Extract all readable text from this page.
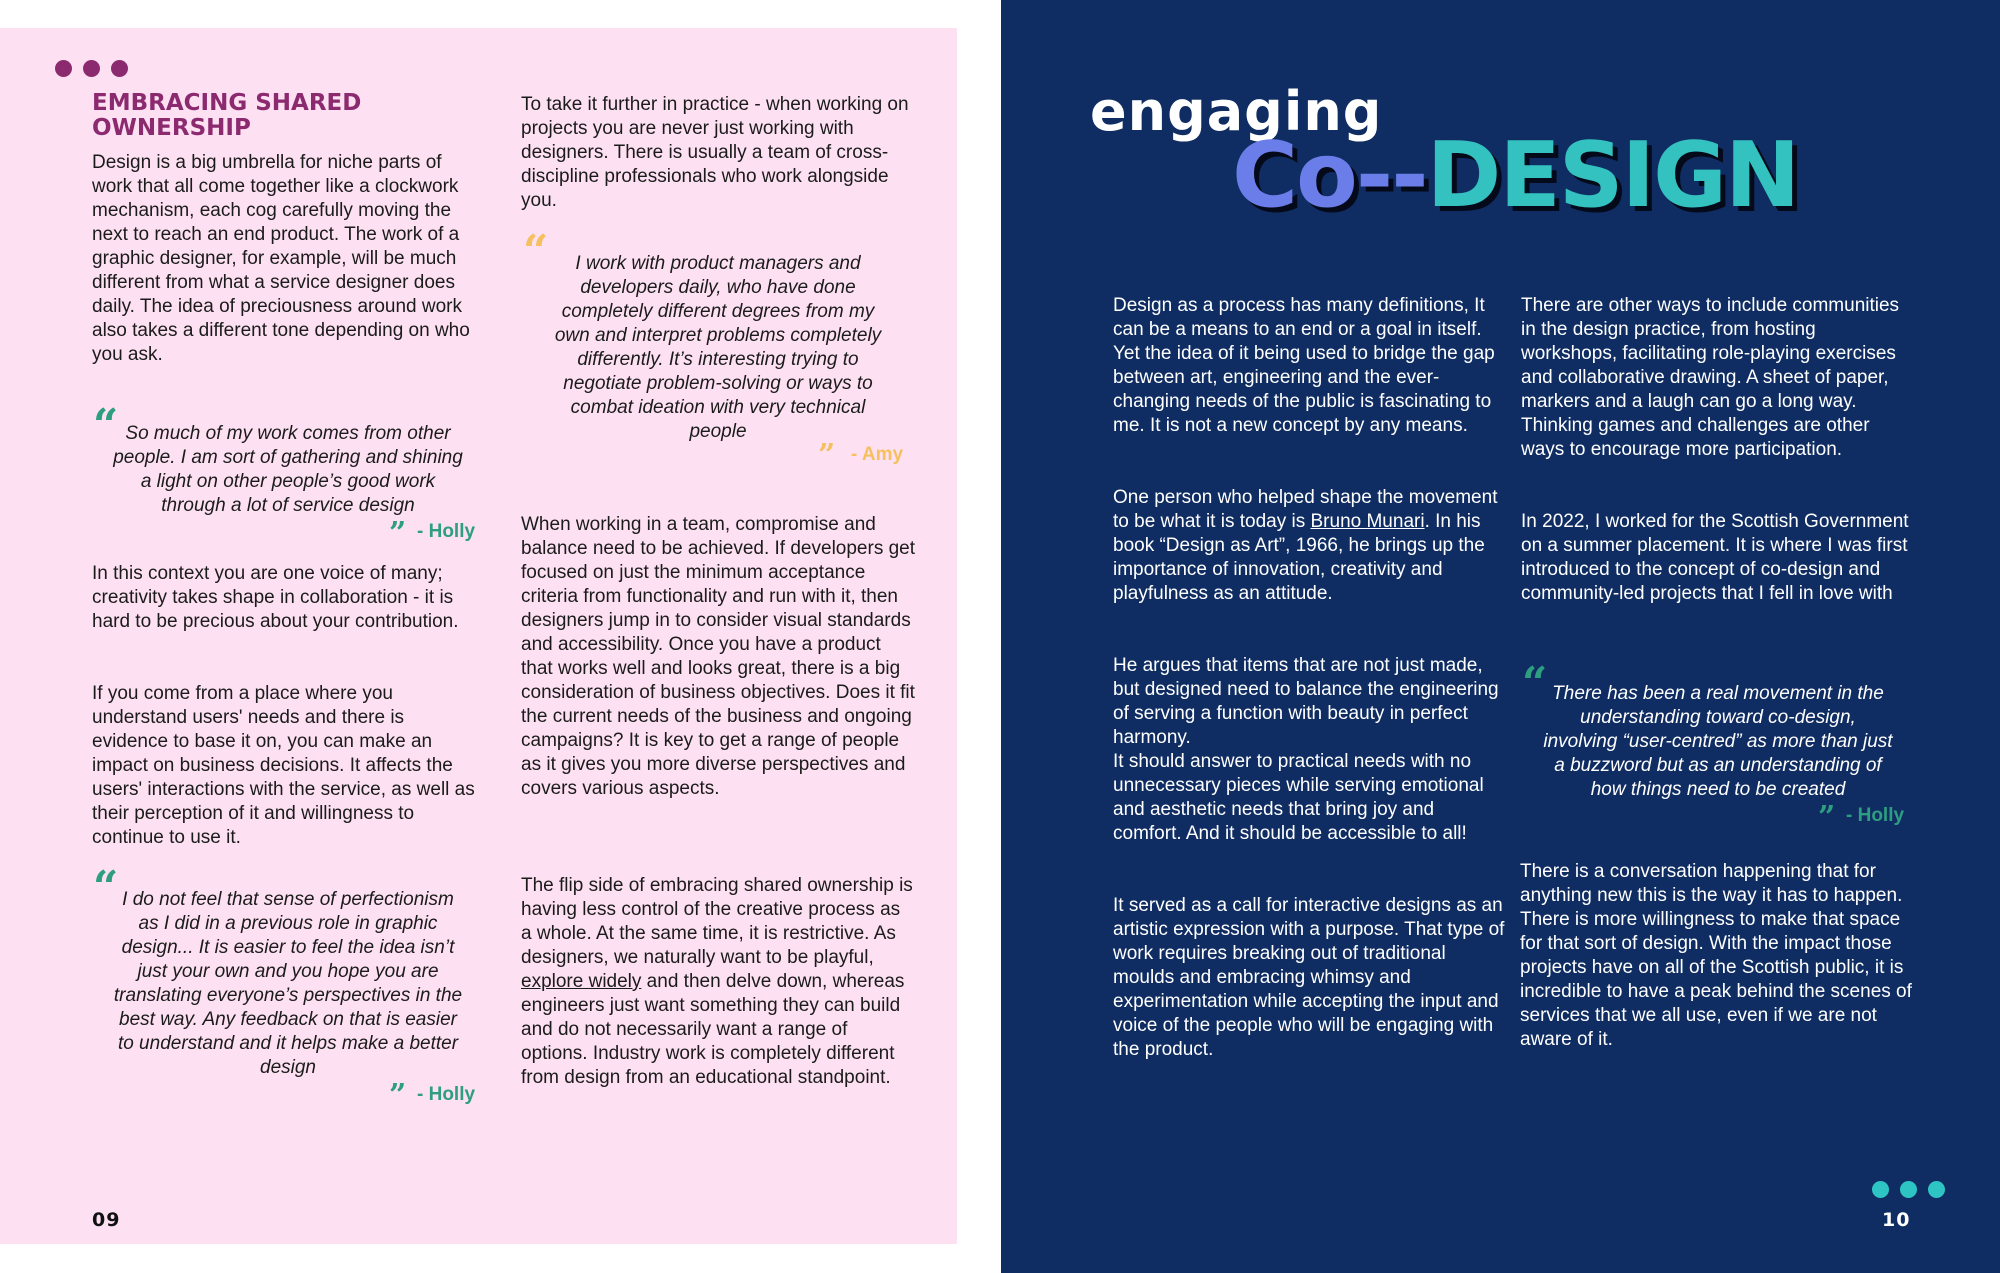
EMBRACING SHARED OWNERSHIP

Design is a big umbrella for niche parts of work that all come together like a clockwork mechanism, each cog carefully moving the next to reach an end product. The work of a graphic designer, for example, will be much different from what a service designer does daily. The idea of preciousness around work also takes a different tone depending on who you ask.

“ So much of my work comes from other people. I am sort of gathering and shining a light on other people’s good work through a lot of service design

” - Holly

In this context you are one voice of many; creativity takes shape in collaboration - it is hard to be precious about your contribution.

If you come from a place where you understand users' needs and there is evidence to base it on, you can make an impact on business decisions. It affects the users' interactions with the service, as well as their perception of it and willingness to continue to use it.

“ I do not feel that sense of perfectionism as I did in a previous role in graphic design... It is easier to feel the idea isn’t just your own and you hope you are translating everyone’s perspectives in the best way. Any feedback on that is easier to understand and it helps make a better design

” - Holly

To take it further in practice - when working on projects you are never just working with designers. There is usually a team of cross-discipline professionals who work alongside you.

“	I work with product managers and developers daily, who have done completely different degrees from my own and interpret problems completely differently. It’s interesting trying to negotiate problem-solving or ways to combat ideation with very technical people

” - Amy

When working in a team, compromise and balance need to be achieved. If developers get focused on just the minimum acceptance criteria from functionality and run with it, then designers jump in to consider visual standards and accessibility. Once you have a product that works well and looks great, there is a big consideration of business objectives. Does it fit the current needs of the business and ongoing campaigns? It is key to get a range of people as it gives you more diverse perspectives and covers various aspects.

The flip side of embracing shared ownership is having less control of the creative process as a whole. At the same time, it is restrictive. As designers, we naturally want to be playful, explore widely and then delve down, whereas engineers just want something they can build and do not necessarily want a range of options. Industry work is completely different from design from an educational standpoint.

09
engaging
Co--DESIGN

Design as a process has many definitions, It can be a means to an end or a goal in itself. Yet the idea of it being used to bridge the gap between art, engineering and the ever-changing needs of the public is fascinating to me. It is not a new concept by any means.

One person who helped shape the movement to be what it is today is Bruno Munari. In his book “Design as Art”, 1966, he brings up the importance of innovation, creativity and playfulness as an attitude.

He argues that items that are not just made, but designed need to balance the engineering of serving a function with beauty in perfect harmony.

It should answer to practical needs with no unnecessary pieces while serving emotional and aesthetic needs that bring joy and comfort. And it should be accessible to all!

It served as a call for interactive designs as an artistic expression with a purpose. That type of work requires breaking out of traditional moulds and embracing whimsy and experimentation while accepting the input and voice of the people who will be engaging with the product.

There are other ways to include communities in the design practice, from hosting workshops, facilitating role-playing exercises and collaborative drawing. A sheet of paper, markers and a laugh can go a long way. Thinking games and challenges are other ways to encourage more participation.

In 2022, I worked for the Scottish Government on a summer placement. It is where I was first introduced to the concept of co-design and community-led projects that I fell in love with

“ There has been a real movement in the understanding toward co-design, involving “user-centred” as more than just a buzzword but as an understanding of how things need to be created

” - Holly

There is a conversation happening that for anything new this is the way it has to happen. There is more willingness to make that space for that sort of design. With the impact those projects have on all of the Scottish public, it is incredible to have a peak behind the scenes of services that we all use, even if we are not aware of it.

10
